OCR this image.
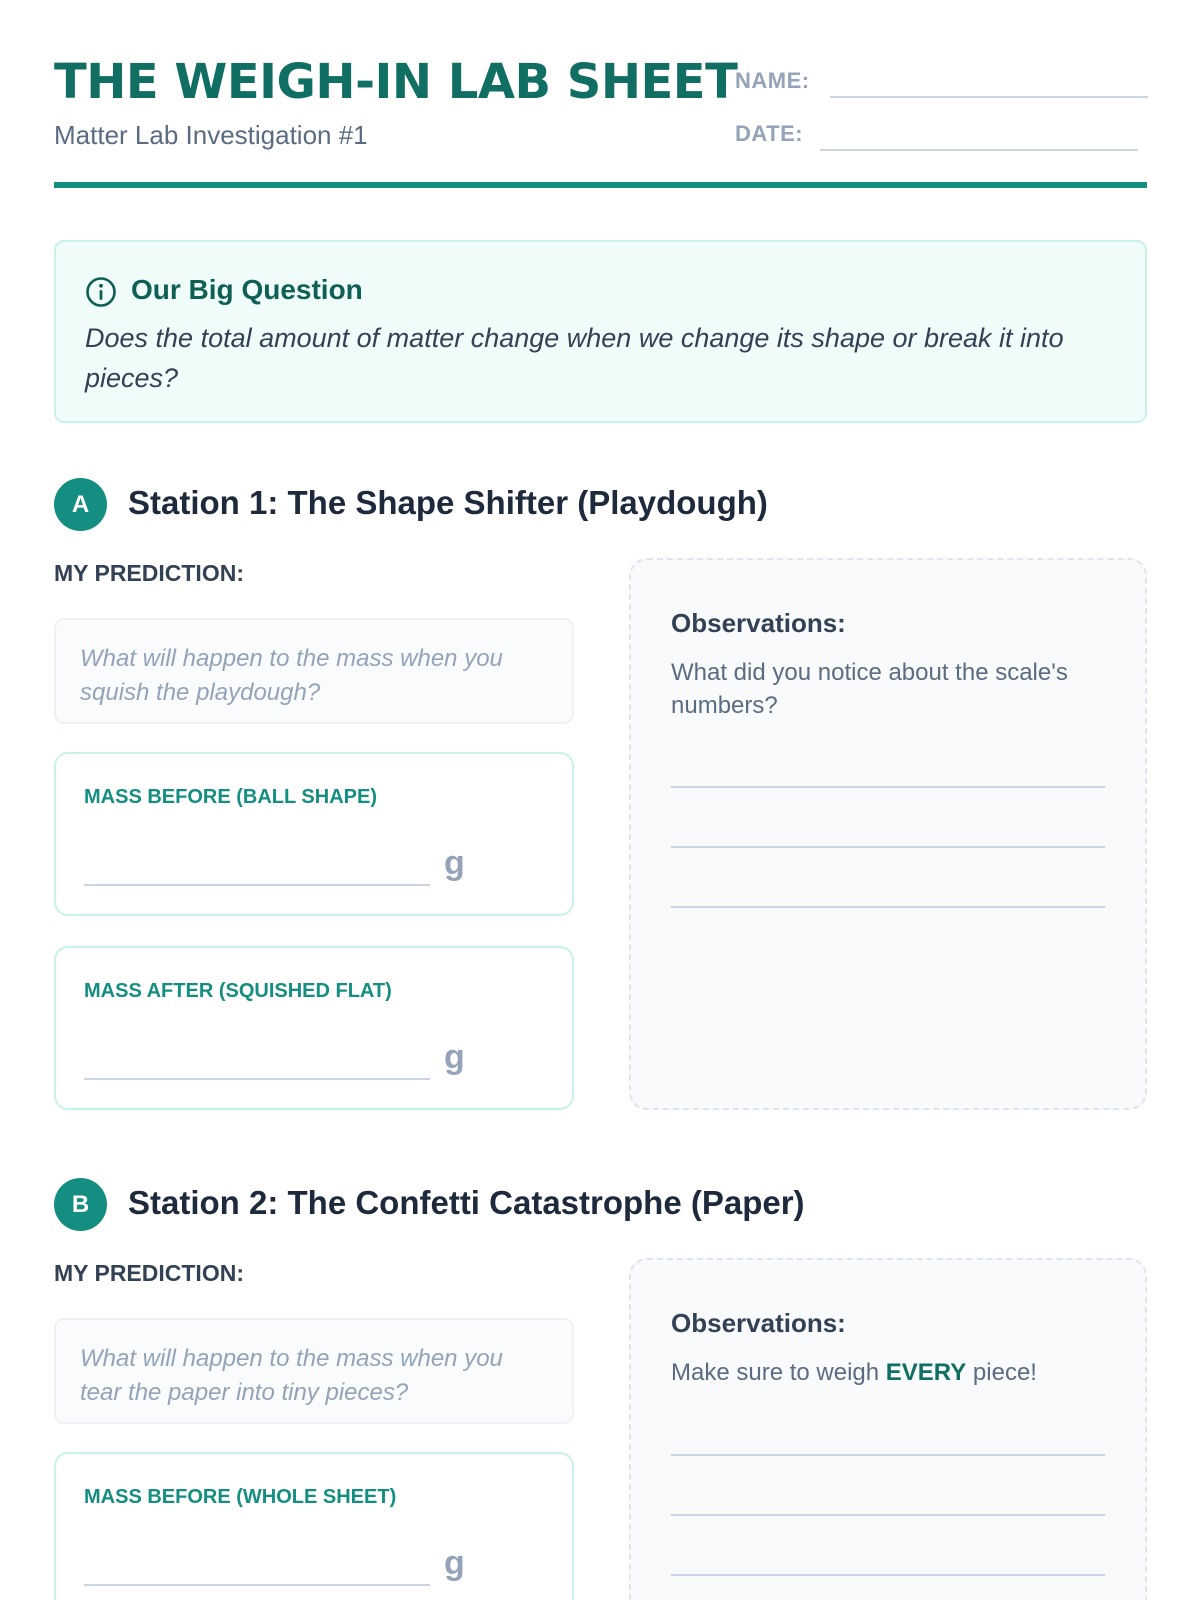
THE WEIGH-IN LAB SHEET
Matter Lab Investigation #1
NAME:
DATE:
Our Big Question
Does the total amount of matter change when we change its shape or break it into pieces?
A	Station 1: The Shape Shifter (Playdough)
MY PREDICTION:
What will happen to the mass when you squish the playdough?
MASS BEFORE (BALL SHAPE)
g
MASS AFTER (SQUISHED FLAT)
g
Observations:
What did you notice about the scale's numbers?
B	Station 2: The Confetti Catastrophe (Paper)
MY PREDICTION:
What will happen to the mass when you tear the paper into tiny pieces?
MASS BEFORE (WHOLE SHEET)
g
Observations:
Make sure to weigh EVERY piece!
